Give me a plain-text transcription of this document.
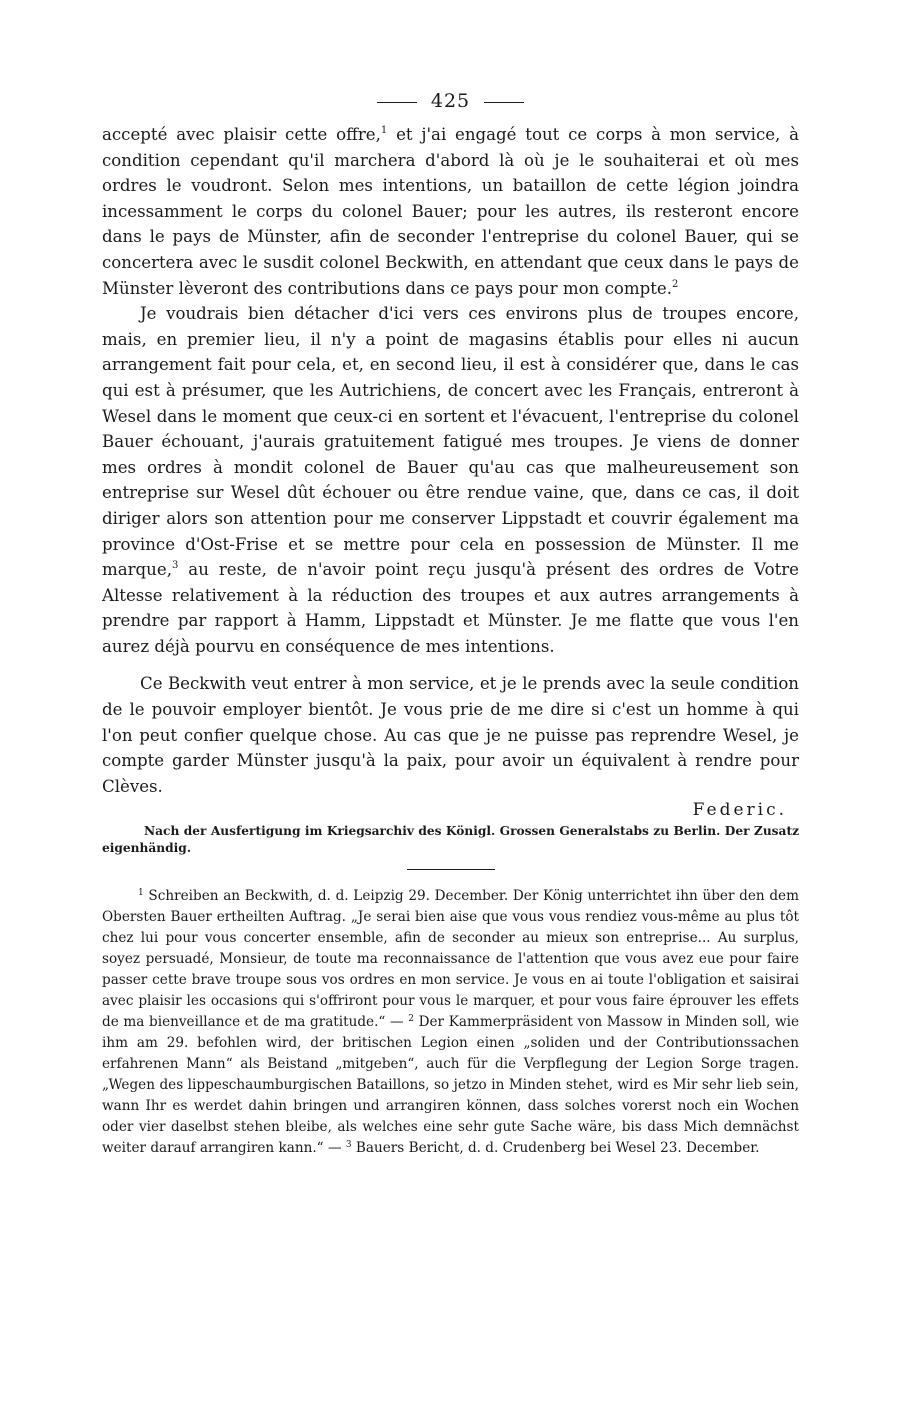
425

accepté avec plaisir cette offre,$^1$ et j'ai engagé tout ce corps à mon service, à condition cependant qu'il marchera d'abord là où je le souhaiterai et où mes ordres le voudront. Selon mes intentions, un bataillon de cette légion joindra incessamment le corps du colonel Bauer; pour les autres, ils resteront encore dans le pays de Münster, afin de seconder l'entreprise du colonel Bauer, qui se concertera avec le susdit colonel Beckwith, en attendant que ceux dans le pays de Münster lèveront des contributions dans ce pays pour mon compte.$^2$

Je voudrais bien détacher d'ici vers ces environs plus de troupes encore, mais, en premier lieu, il n'y a point de magasins établis pour elles ni aucun arrangement fait pour cela, et, en second lieu, il est à considérer que, dans le cas qui est à présumer, que les Autrichiens, de concert avec les Français, entreront à Wesel dans le moment que ceux-ci en sortent et l'évacuent, l'entreprise du colonel Bauer échouant, j'aurais gratuitement fatigué mes troupes. Je viens de donner mes ordres à mondit colonel de Bauer qu'au cas que malheureusement son entreprise sur Wesel dût échouer ou être rendue vaine, que, dans ce cas, il doit diriger alors son attention pour me conserver Lippstadt et couvrir également ma province d'Ost-Frise et se mettre pour cela en possession de Münster. Il me marque,$^3$ au reste, de n'avoir point reçu jusqu'à présent des ordres de Votre Altesse relativement à la réduction des troupes et aux autres arrangements à prendre par rapport à Hamm, Lippstadt et Münster. Je me flatte que vous l'en aurez déjà pourvu en conséquence de mes intentions.

Ce Beckwith veut entrer à mon service, et je le prends avec la seule condition de le pouvoir employer bientôt. Je vous prie de me dire si c'est un homme à qui l'on peut confier quelque chose. Au cas que je ne puisse pas reprendre Wesel, je compte garder Münster jusqu'à la paix, pour avoir un équivalent à rendre pour Clèves.

Federic.
Nach der Ausfertigung im Kriegsarchiv des Königl. Grossen Generalstabs zu Berlin. Der Zusatz eigenhändig.

$^1$ Schreiben an Beckwith, d. d. Leipzig 29. December. Der König unterrichtet ihn über den dem Obersten Bauer ertheilten Auftrag. „Je serai bien aise que vous vous rendiez vous-même au plus tôt chez lui pour vous concerter ensemble, afin de seconder au mieux son entreprise... Au surplus, soyez persuadé, Monsieur, de toute ma reconnaissance de l'attention que vous avez eue pour faire passer cette brave troupe sous vos ordres en mon service. Je vous en ai toute l'obligation et saisirai avec plaisir les occasions qui s'offriront pour vous le marquer, et pour vous faire éprouver les effets de ma bienveillance et de ma gratitude.“ — $^2$ Der Kammerpräsident von Massow in Minden soll, wie ihm am 29. befohlen wird, der britischen Legion einen „soliden und der Contributionssachen erfahrenen Mann“ als Beistand „mitgeben“, auch für die Verpflegung der Legion Sorge tragen. „Wegen des lippeschaumburgischen Bataillons, so jetzo in Minden stehet, wird es Mir sehr lieb sein, wann Ihr es werdet dahin bringen und arrangiren können, dass solches vorerst noch ein Wochen oder vier daselbst stehen bleibe, als welches eine sehr gute Sache wäre, bis dass Mich demnächst weiter darauf arrangiren kann.“ — $^3$ Bauers Bericht, d. d. Crudenberg bei Wesel 23. December.
